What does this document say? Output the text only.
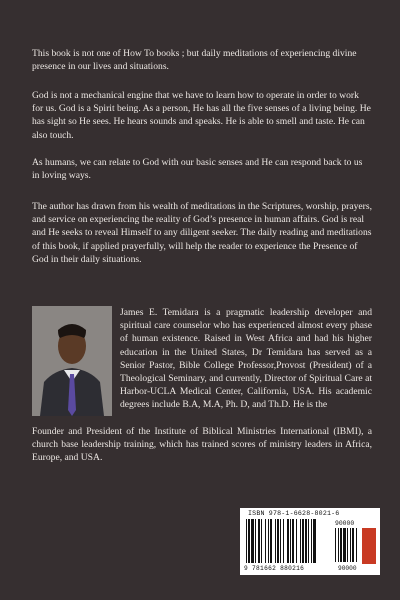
This book is not one of How To books ; but daily meditations of experiencing divine presence in our lives and situations.

God is not a mechanical engine that we have to learn how to operate in order to work for us. God is a Spirit being. As a person, He has all the five senses of a living being. He has sight so He sees. He hears sounds and speaks. He is able to smell and taste. He can also touch.

As humans, we can relate to God with our basic senses and He can respond back to us in loving ways.

The author has drawn from his wealth of meditations in the Scriptures, worship, prayers, and service on experiencing the reality of God’s presence in human affairs. God is real and He seeks to reveal Himself to any diligent seeker. The daily reading and meditations of this book, if applied prayerfully, will help the reader to experience the Presence of God in their daily situations.

James E. Temidara is a pragmatic leadership developer and spiritual care counselor who has experienced almost every phase of human existence. Raised in West Africa and had his higher education in the United States, Dr Temidara has served as a Senior Pastor, Bible College Professor,Provost (President) of a Theological Seminary, and currently, Director of Spiritual Care at Harbor-UCLA Medical Center, California, USA. His academic degrees include B.A, M.A, Ph. D, and Th.D. He is the

Founder and President of the Institute of Biblical Ministries International (IBMI), a church base leadership training, which has trained scores of ministry leaders in Africa, Europe, and USA.

ISBN 978-1-6628-8021-6
90000
9 781662 880216	90000
